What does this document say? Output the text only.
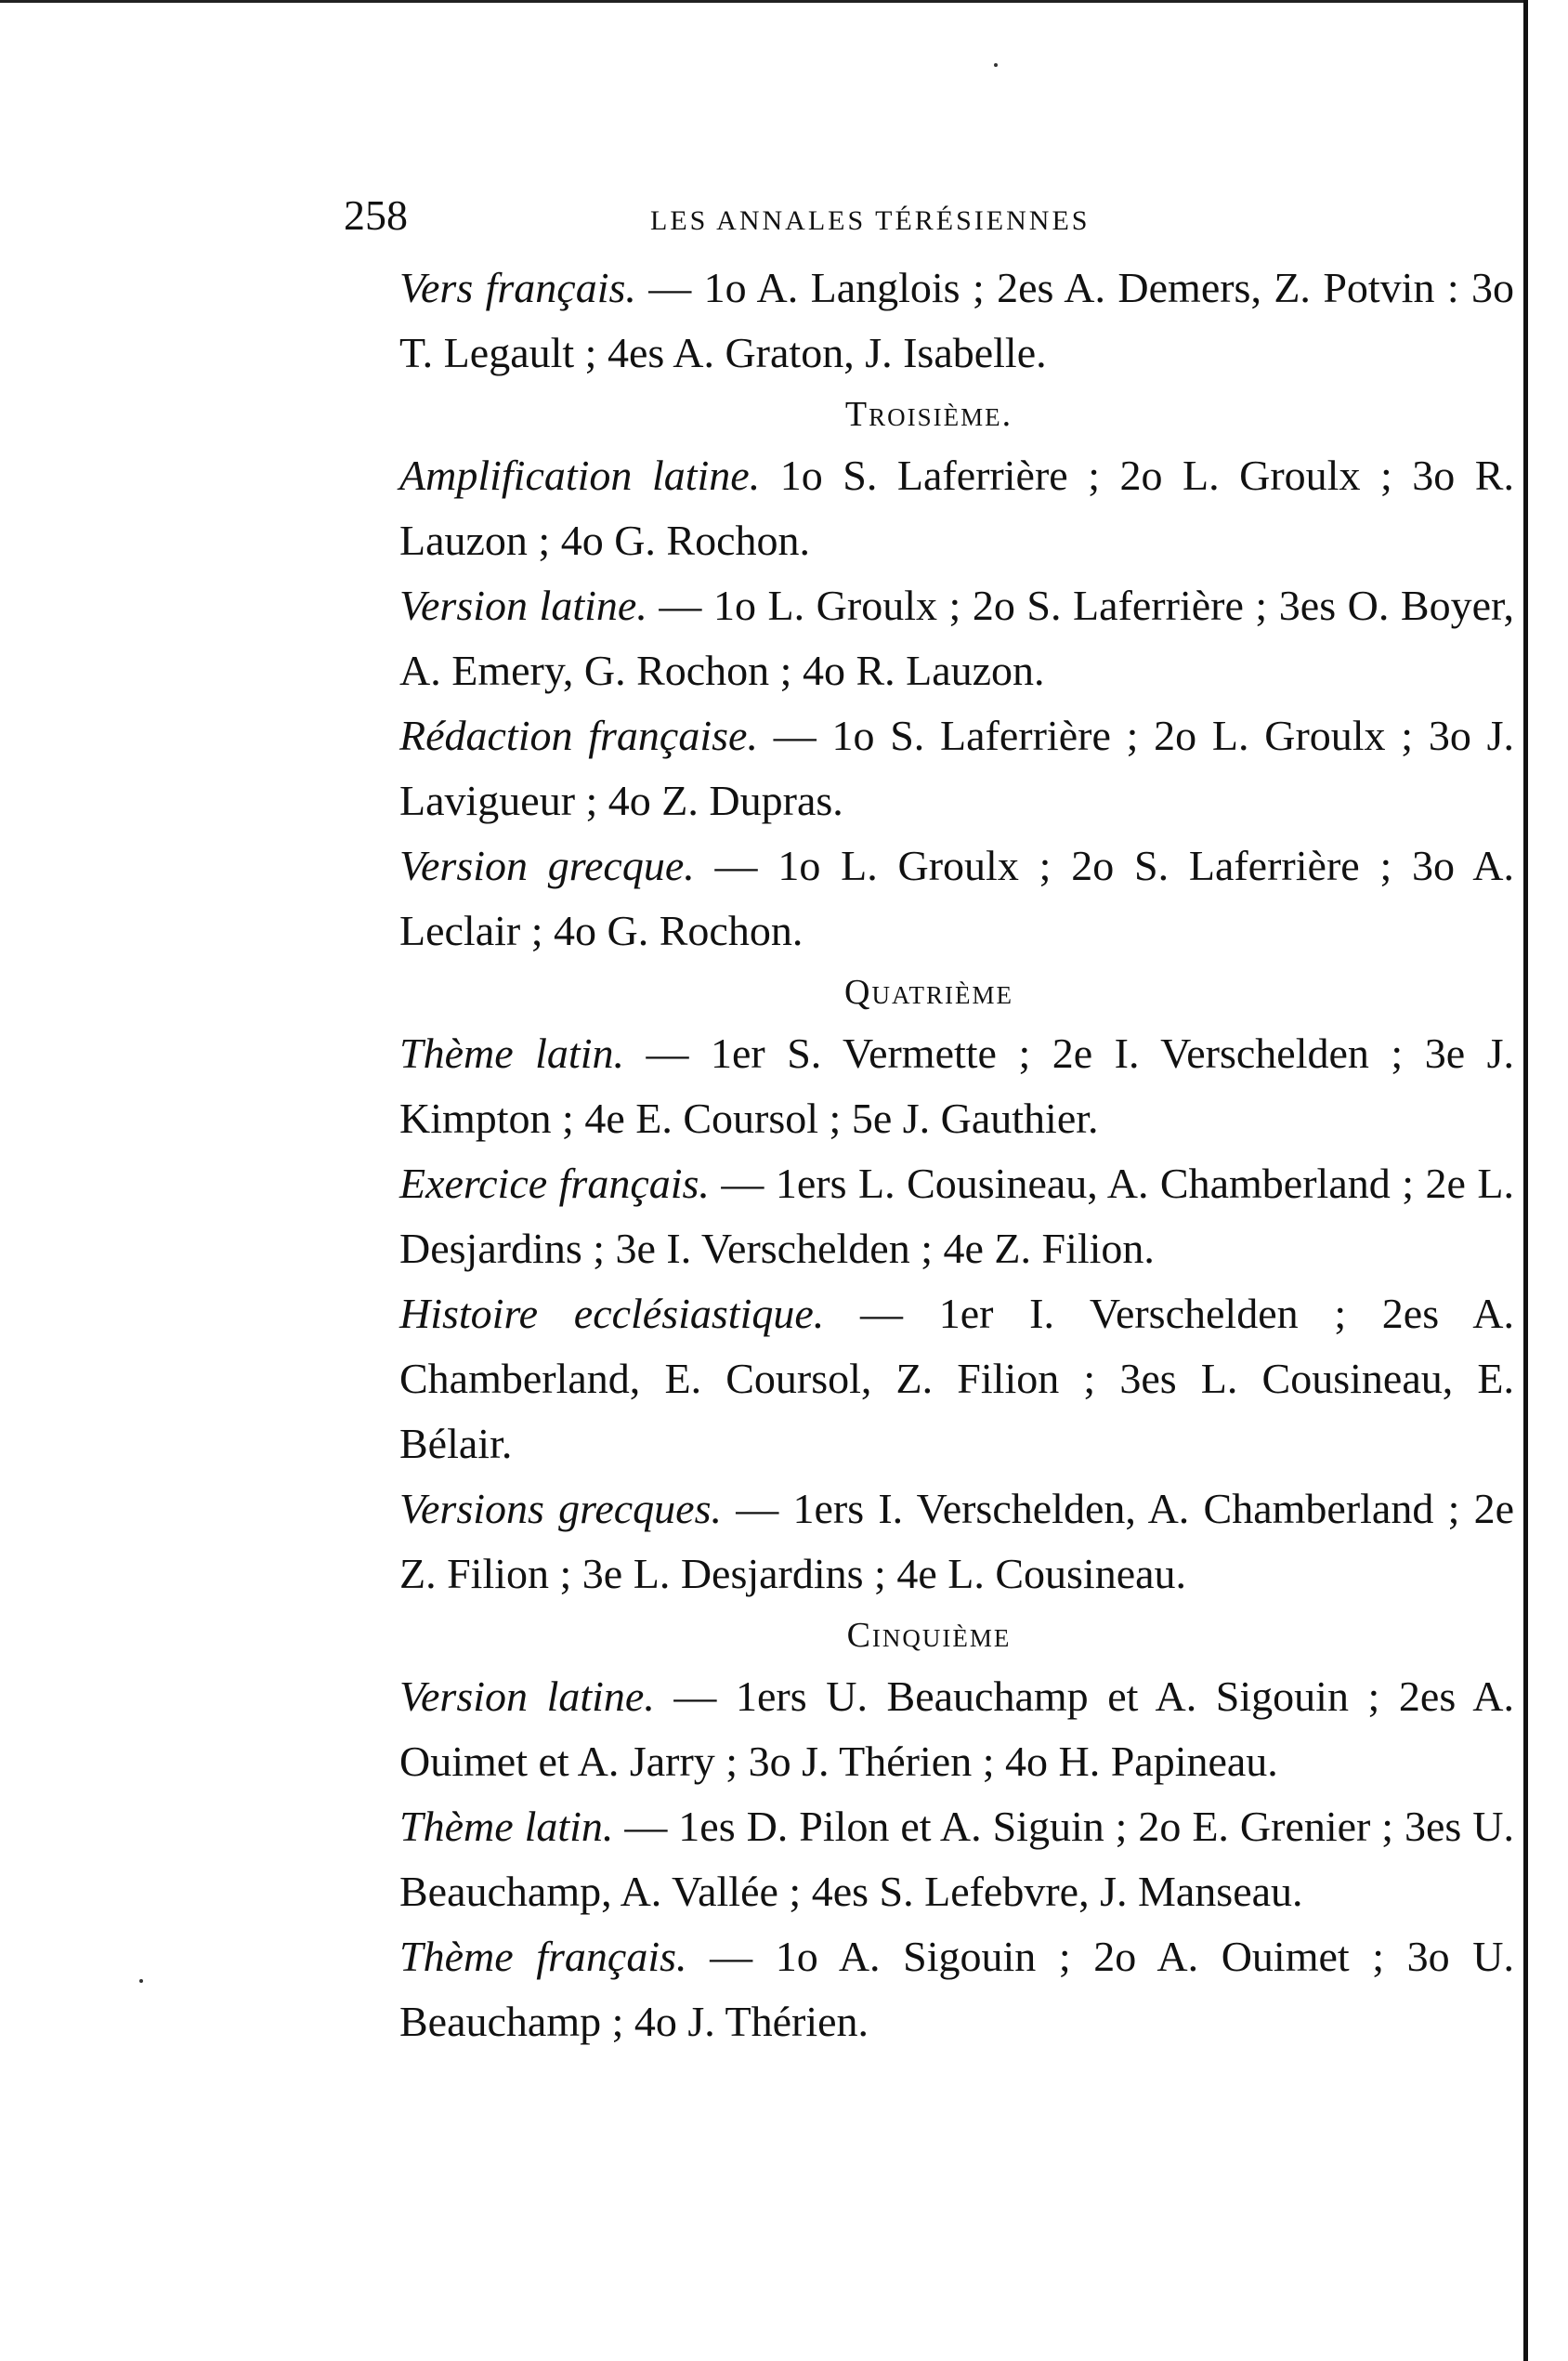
258	LES ANNALES TÉRÉSIENNES

Vers français. — 1o A. Langlois ; 2es A. Demers, Z. Potvin : 3o T. Legault ; 4es A. Graton, J. Isabelle.

Troisième.

Amplification latine. 1o S. Laferrière ; 2o L. Groulx ; 3o R. Lauzon ; 4o G. Rochon.

Version latine. — 1o L. Groulx ; 2o S. Laferrière ; 3es O. Boyer, A. Emery, G. Rochon ; 4o R. Lauzon.

Rédaction française. — 1o S. Laferrière ; 2o L. Groulx ; 3o J. Lavigueur ; 4o Z. Dupras.

Version grecque. — 1o L. Groulx ; 2o S. Laferrière ; 3o A. Leclair ; 4o G. Rochon.

Quatrième

Thème latin. — 1er S. Vermette ; 2e I. Verschelden ; 3e J. Kimpton ; 4e E. Coursol ; 5e J. Gauthier.

Exercice français. — 1ers L. Cousineau, A. Chamberland ; 2e L. Desjardins ; 3e I. Verschelden ; 4e Z. Filion.

Histoire ecclésiastique. — 1er I. Verschelden ; 2es A. Chamberland, E. Coursol, Z. Filion ; 3es L. Cousineau, E. Bélair.

Versions grecques. — 1ers I. Verschelden, A. Chamberland ; 2e Z. Filion ; 3e L. Desjardins ; 4e L. Cousineau.

Cinquième

Version latine. — 1ers U. Beauchamp et A. Sigouin ; 2es A. Ouimet et A. Jarry ; 3o J. Thérien ; 4o H. Papineau.

Thème latin. — 1es D. Pilon et A. Siguin ; 2o E. Grenier ; 3es U. Beauchamp, A. Vallée ; 4es S. Lefebvre, J. Manseau.

Thème français. — 1o A. Sigouin ; 2o A. Ouimet ; 3o U. Beauchamp ; 4o J. Thérien.
